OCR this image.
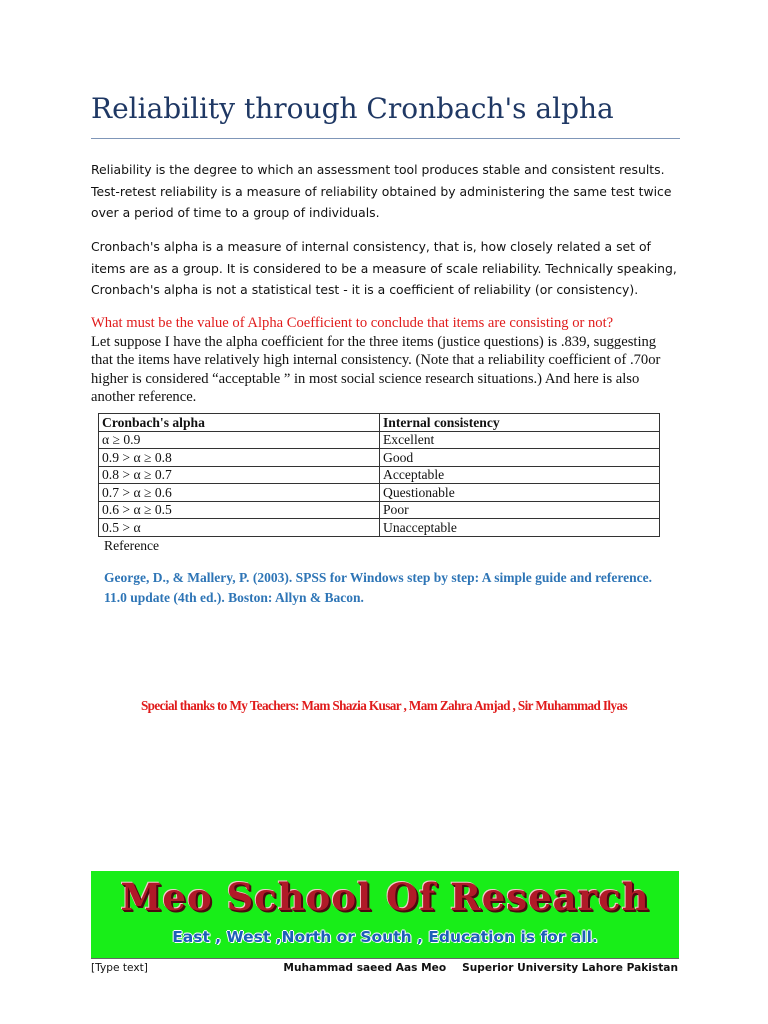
Reliability through Cronbach's alpha
Reliability is the degree to which an assessment tool produces stable and consistent results. Test-retest reliability is a measure of reliability obtained by administering the same test twice over a period of time to a group of individuals.
Cronbach's alpha is a measure of internal consistency, that is, how closely related a set of items are as a group. It is considered to be a measure of scale reliability. Technically speaking, Cronbach's alpha is not a statistical test - it is a coefficient of reliability (or consistency).
What must be the value of Alpha Coefficient to conclude that items are consisting or not?
Let suppose I have the alpha coefficient for the three items (justice questions) is .839, suggesting that the items have relatively high internal consistency. (Note that a reliability coefficient of .70or higher is considered “acceptable ” in most social science research situations.) And here is also another reference.
Cronbach's alpha	Internal consistency
α ≥ 0.9	Excellent
0.9 > α ≥ 0.8	Good
0.8 > α ≥ 0.7	Acceptable
0.7 > α ≥ 0.6	Questionable
0.6 > α ≥ 0.5	Poor
0.5 > α	Unacceptable
Reference
George, D., & Mallery, P. (2003). SPSS for Windows step by step: A simple guide and reference. 11.0 update (4th ed.). Boston: Allyn & Bacon.
Special thanks to My Teachers: Mam Shazia Kusar , Mam Zahra Amjad , Sir Muhammad Ilyas
Meo School Of Research
East , West ,North or South , Education is for all.
[Type text]	Muhammad saeed Aas Meo Superior University Lahore Pakistan
